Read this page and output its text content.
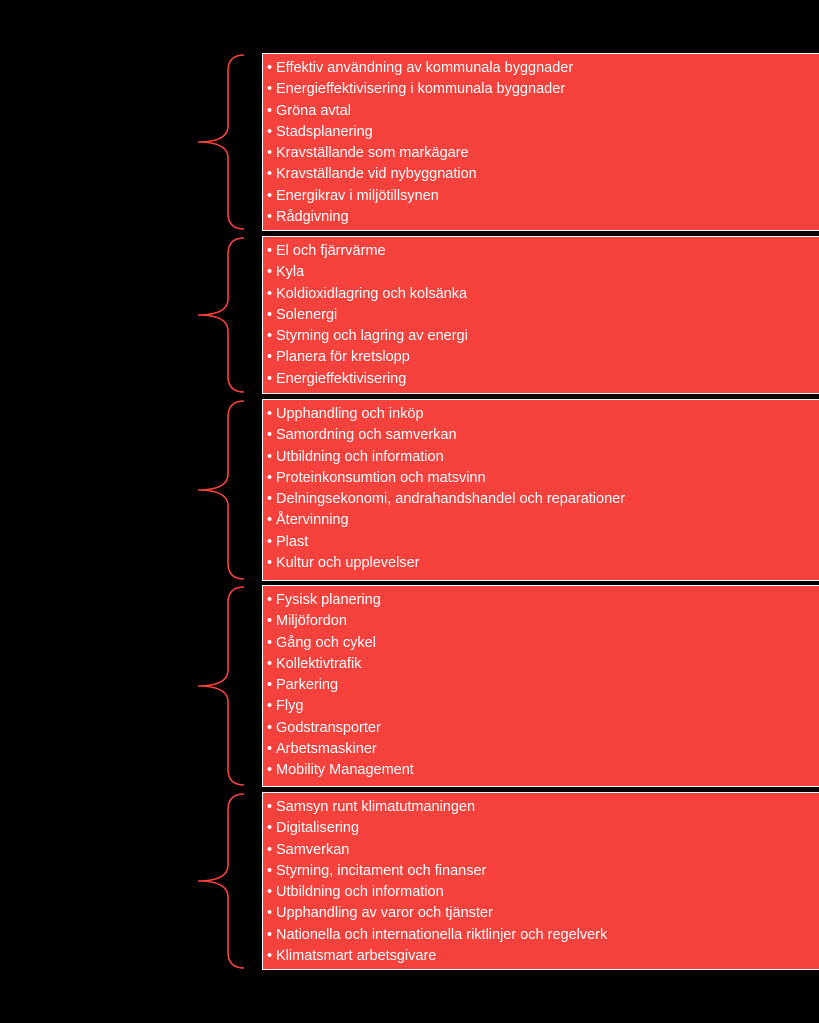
• Effektiv användning av kommunala byggnader
• Energieffektivisering i kommunala byggnader
• Gröna avtal
• Stadsplanering
• Kravställande som markägare
• Kravställande vid nybyggnation
• Energikrav i miljötillsynen
• Rådgivning
• El och fjärrvärme
• Kyla
• Koldioxidlagring och kolsänka
• Solenergi
• Styrning och lagring av energi
• Planera för kretslopp
• Energieffektivisering
• Upphandling och inköp
• Samordning och samverkan
• Utbildning och information
• Proteinkonsumtion och matsvinn
• Delningsekonomi, andrahandshandel och reparationer
• Återvinning
• Plast
• Kultur och upplevelser
• Fysisk planering
• Miljöfordon
• Gång och cykel
• Kollektivtrafik
• Parkering
• Flyg
• Godstransporter
• Arbetsmaskiner
• Mobility Management
• Samsyn runt klimatutmaningen
• Digitalisering
• Samverkan
• Styrning, incitament och finanser
• Utbildning och information
• Upphandling av varor och tjänster
• Nationella och internationella riktlinjer och regelverk
• Klimatsmart arbetsgivare
